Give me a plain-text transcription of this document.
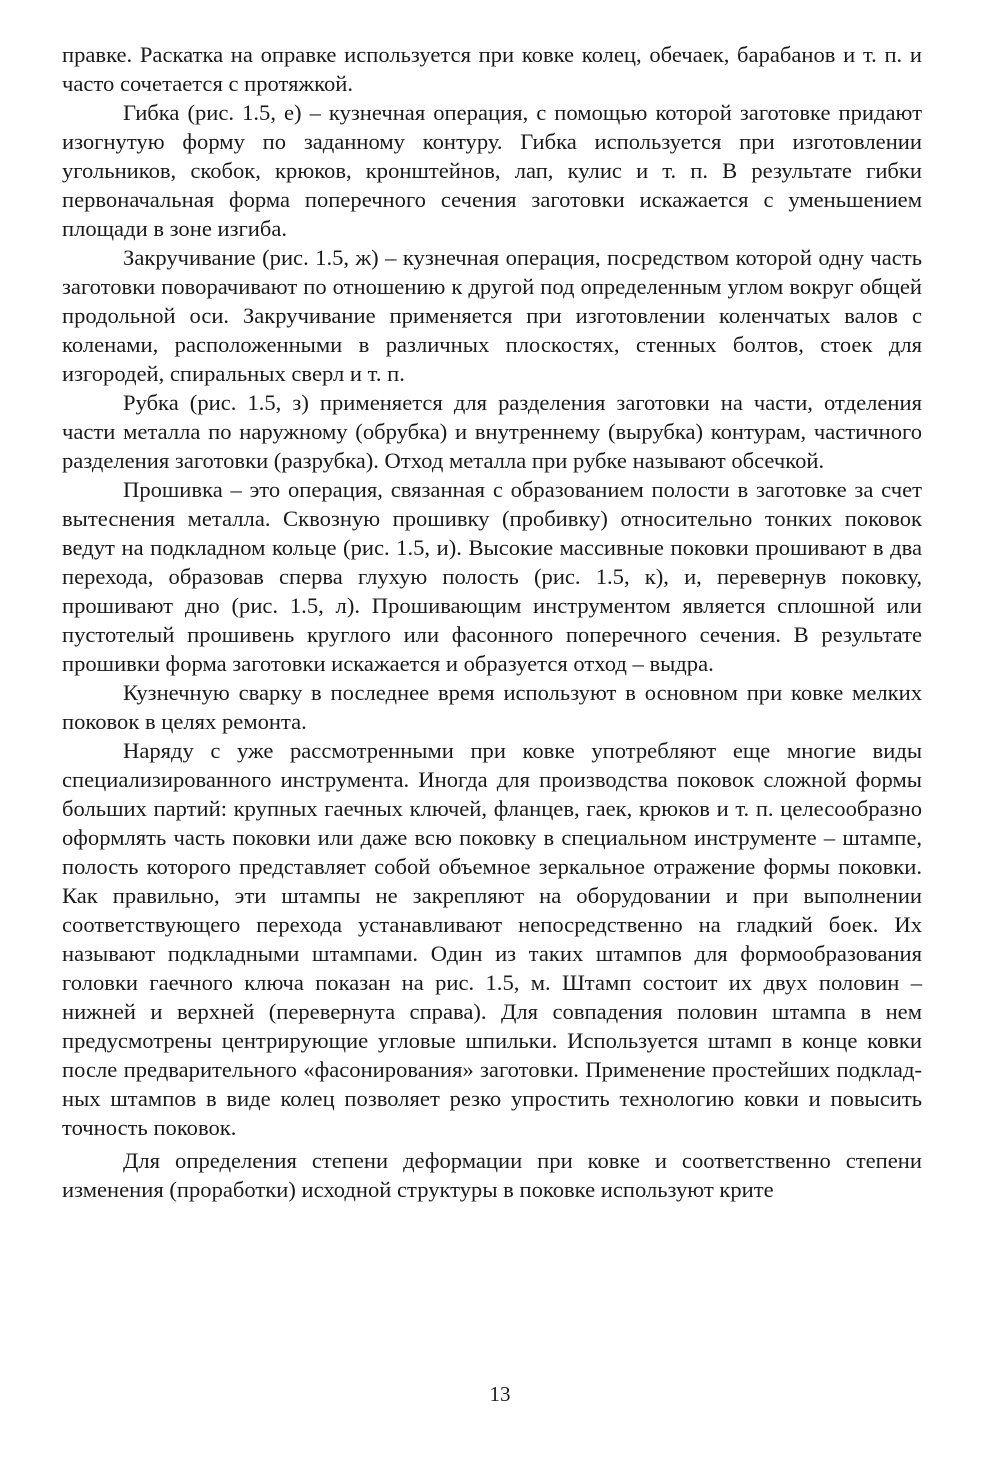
правке. Раскатка на оправке используется при ковке колец, обечаек, барабанов и т. п. и часто сочетается с протяжкой.

Гибка (рис. 1.5, е) – кузнечная операция, с помощью которой заготовке придают изогнутую форму по заданному контуру. Гибка используется при изготовлении угольников, скобок, крюков, кронштейнов, лап, кулис и т. п. В результате гибки первоначальная форма поперечного сечения заготовки искажается с уменьшением площади в зоне изгиба.

Закручивание (рис. 1.5, ж) – кузнечная операция, посредством которой одну часть заготовки поворачивают по отношению к другой под определенным углом вокруг общей продольной оси. Закручивание применяется при изготовлении коленчатых валов с коленами, расположенными в различных плоскостях, стенных болтов, стоек для изгородей, спиральных сверл и т. п.

Рубка (рис. 1.5, з) применяется для разделения заготовки на части, отделения части металла по наружному (обрубка) и внутреннему (вырубка) контурам, частичного разделения заготовки (разрубка). Отход металла при рубке называют обсечкой.

Прошивка – это операция, связанная с образованием полости в заготовке за счет вытеснения металла. Сквозную прошивку (пробивку) относительно тонких поковок ведут на подкладном кольце (рис. 1.5, и). Высокие массивные поковки прошивают в два перехода, образовав сперва глухую полость (рис. 1.5, к), и, перевернув поковку, прошивают дно (рис. 1.5, л). Прошивающим инструментом является сплошной или пустотелый прошивень круглого или фасонного поперечного сечения. В результате прошивки форма заготовки искажается и образуется отход – выдра.

Кузнечную сварку в последнее время используют в основном при ковке мелких поковок в целях ремонта.

Наряду с уже рассмотренными при ковке употребляют еще многие виды специализированного инструмента. Иногда для производства поковок сложной формы больших партий: крупных гаечных ключей, фланцев, гаек, крюков и т. п. целесообразно оформлять часть поковки или даже всю поковку в специальном инструменте – штампе, полость которого представляет собой объемное зеркальное отражение формы поковки. Как правильно, эти штампы не закрепляют на оборудовании и при выполнении соответствующего перехода устанавливают непосредственно на гладкий боек. Их называют подкладными штампами. Один из таких штампов для формообразования головки гаечного ключа показан на рис. 1.5, м. Штамп состоит их двух половин – нижней и верхней (перевернута справа). Для совпадения половин штампа в нем предусмотрены центрирующие угловые шпильки. Используется штамп в конце ковки после предварительного «фасонирования» заготовки. Применение простейших подкладных штампов в виде колец позволяет резко упростить технологию ковки и повысить точность поковок.

Для определения степени деформации при ковке и соответственно степени изменения (проработки) исходной структуры в поковке используют крите

13
